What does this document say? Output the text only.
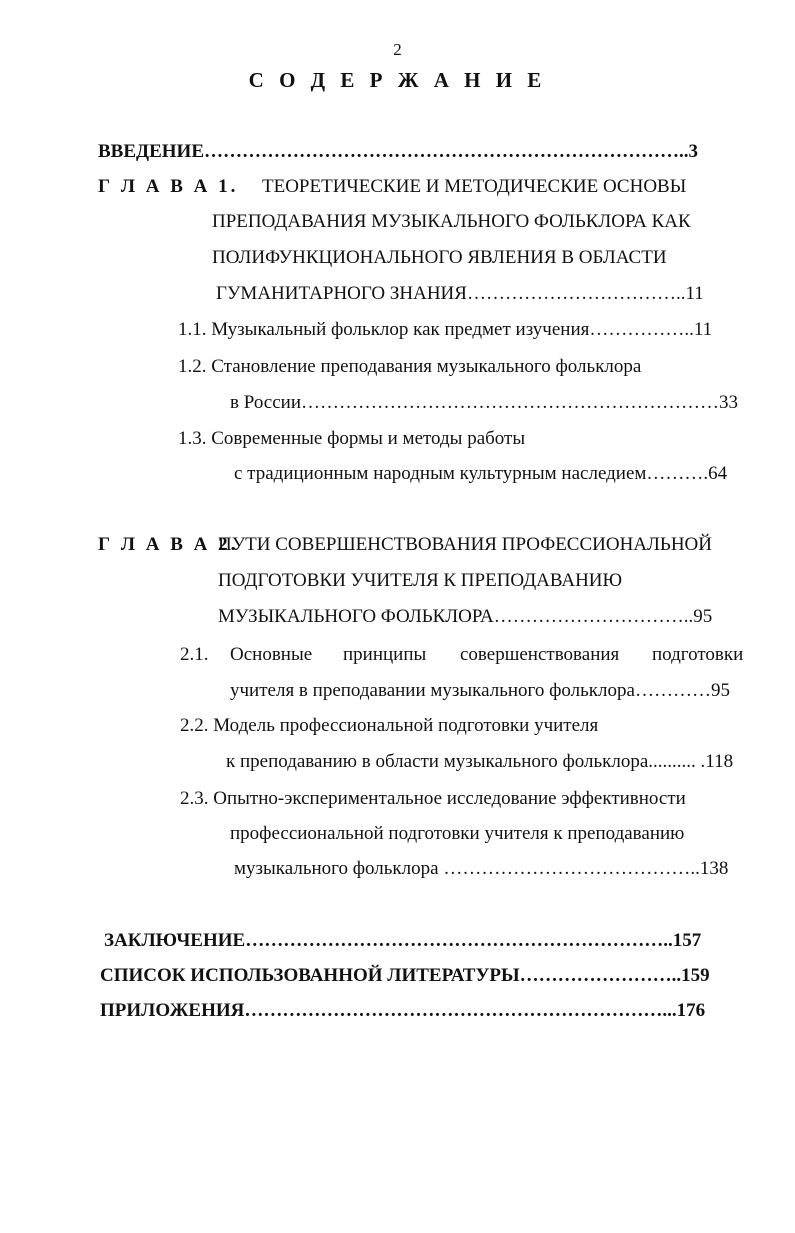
2
С О Д Е Р Ж А Н И Е
ВВЕДЕНИЕ…………………………………………………………………..3
Г Л А В А 1. ТЕОРЕТИЧЕСКИЕ И МЕТОДИЧЕСКИЕ ОСНОВЫ
ПРЕПОДАВАНИЯ МУЗЫКАЛЬНОГО ФОЛЬКЛОРА КАК
ПОЛИФУНКЦИОНАЛЬНОГО ЯВЛЕНИЯ В ОБЛАСТИ
ГУМАНИТАРНОГО ЗНАНИЯ……………………………..11
1.1. Музыкальный фольклор как предмет изучения……………..11
1.2. Становление преподавания музыкального фольклора
в России…………………………………………………………33
1.3. Современные формы и методы работы
с традиционным народным культурным наследием……….64
Г Л А В А 2.
ПУТИ СОВЕРШЕНСТВОВАНИЯ ПРОФЕССИОНАЛЬНОЙ
ПОДГОТОВКИ УЧИТЕЛЯ К ПРЕПОДАВАНИЮ
МУЗЫКАЛЬНОГО ФОЛЬКЛОРА…………………………..95
2.1. Основные принципы совершенствования подготовки
учителя в преподавании музыкального фольклора…………95
2.2. Модель профессиональной подготовки учителя
к преподаванию в области музыкального фольклора.......... .118
2.3. Опытно-экспериментальное исследование эффективности
профессиональной подготовки учителя к преподаванию
музыкального фольклора …………………………………..138
ЗАКЛЮЧЕНИЕ…………………………………………………………..157
СПИСОК ИСПОЛЬЗОВАННОЙ ЛИТЕРАТУРЫ……………………..159
ПРИЛОЖЕНИЯ…………………………………………………………...176
